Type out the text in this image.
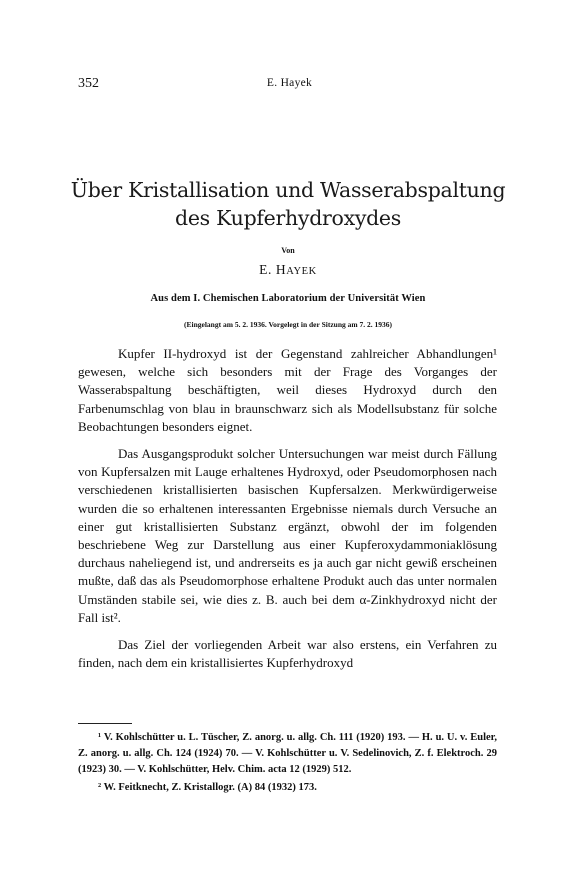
352	E. Hayek
Über Kristallisation und Wasserabspaltung
des Kupferhydroxydes
Von
E. HAYEK
Aus dem I. Chemischen Laboratorium der Universität Wien
(Eingelangt am 5. 2. 1936. Vorgelegt in der Sitzung am 7. 2. 1936)

Kupfer II-hydroxyd ist der Gegenstand zahlreicher Abhandlungen¹ gewesen, welche sich besonders mit der Frage des Vorganges der Wasserabspaltung beschäftigten, weil dieses Hydroxyd durch den Farbenumschlag von blau in braunschwarz sich als Modellsubstanz für solche Beobachtungen besonders eignet.

Das Ausgangsprodukt solcher Untersuchungen war meist durch Fällung von Kupfersalzen mit Lauge erhaltenes Hydroxyd, oder Pseudomorphosen nach verschiedenen kristallisierten basischen Kupfersalzen. Merkwürdigerweise wurden die so erhaltenen interessanten Ergebnisse niemals durch Versuche an einer gut kristallisierten Substanz ergänzt, obwohl der im folgenden beschriebene Weg zur Darstellung aus einer Kupferoxydammoniaklösung durchaus naheliegend ist, und andrerseits es ja auch gar nicht gewiß erscheinen mußte, daß das als Pseudomorphose erhaltene Produkt auch das unter normalen Umständen stabile sei, wie dies z. B. auch bei dem α-Zinkhydroxyd nicht der Fall ist².

Das Ziel der vorliegenden Arbeit war also erstens, ein Verfahren zu finden, nach dem ein kristallisiertes Kupferhydroxyd

¹ V. Kohlschütter u. L. Tüscher, Z. anorg. u. allg. Ch. 111 (1920) 193. — H. u. U. v. Euler, Z. anorg. u. allg. Ch. 124 (1924) 70. — V. Kohlschütter u. V. Sedelinovich, Z. f. Elektroch. 29 (1923) 30. — V. Kohlschütter, Helv. Chim. acta 12 (1929) 512.

² W. Feitknecht, Z. Kristallogr. (A) 84 (1932) 173.
